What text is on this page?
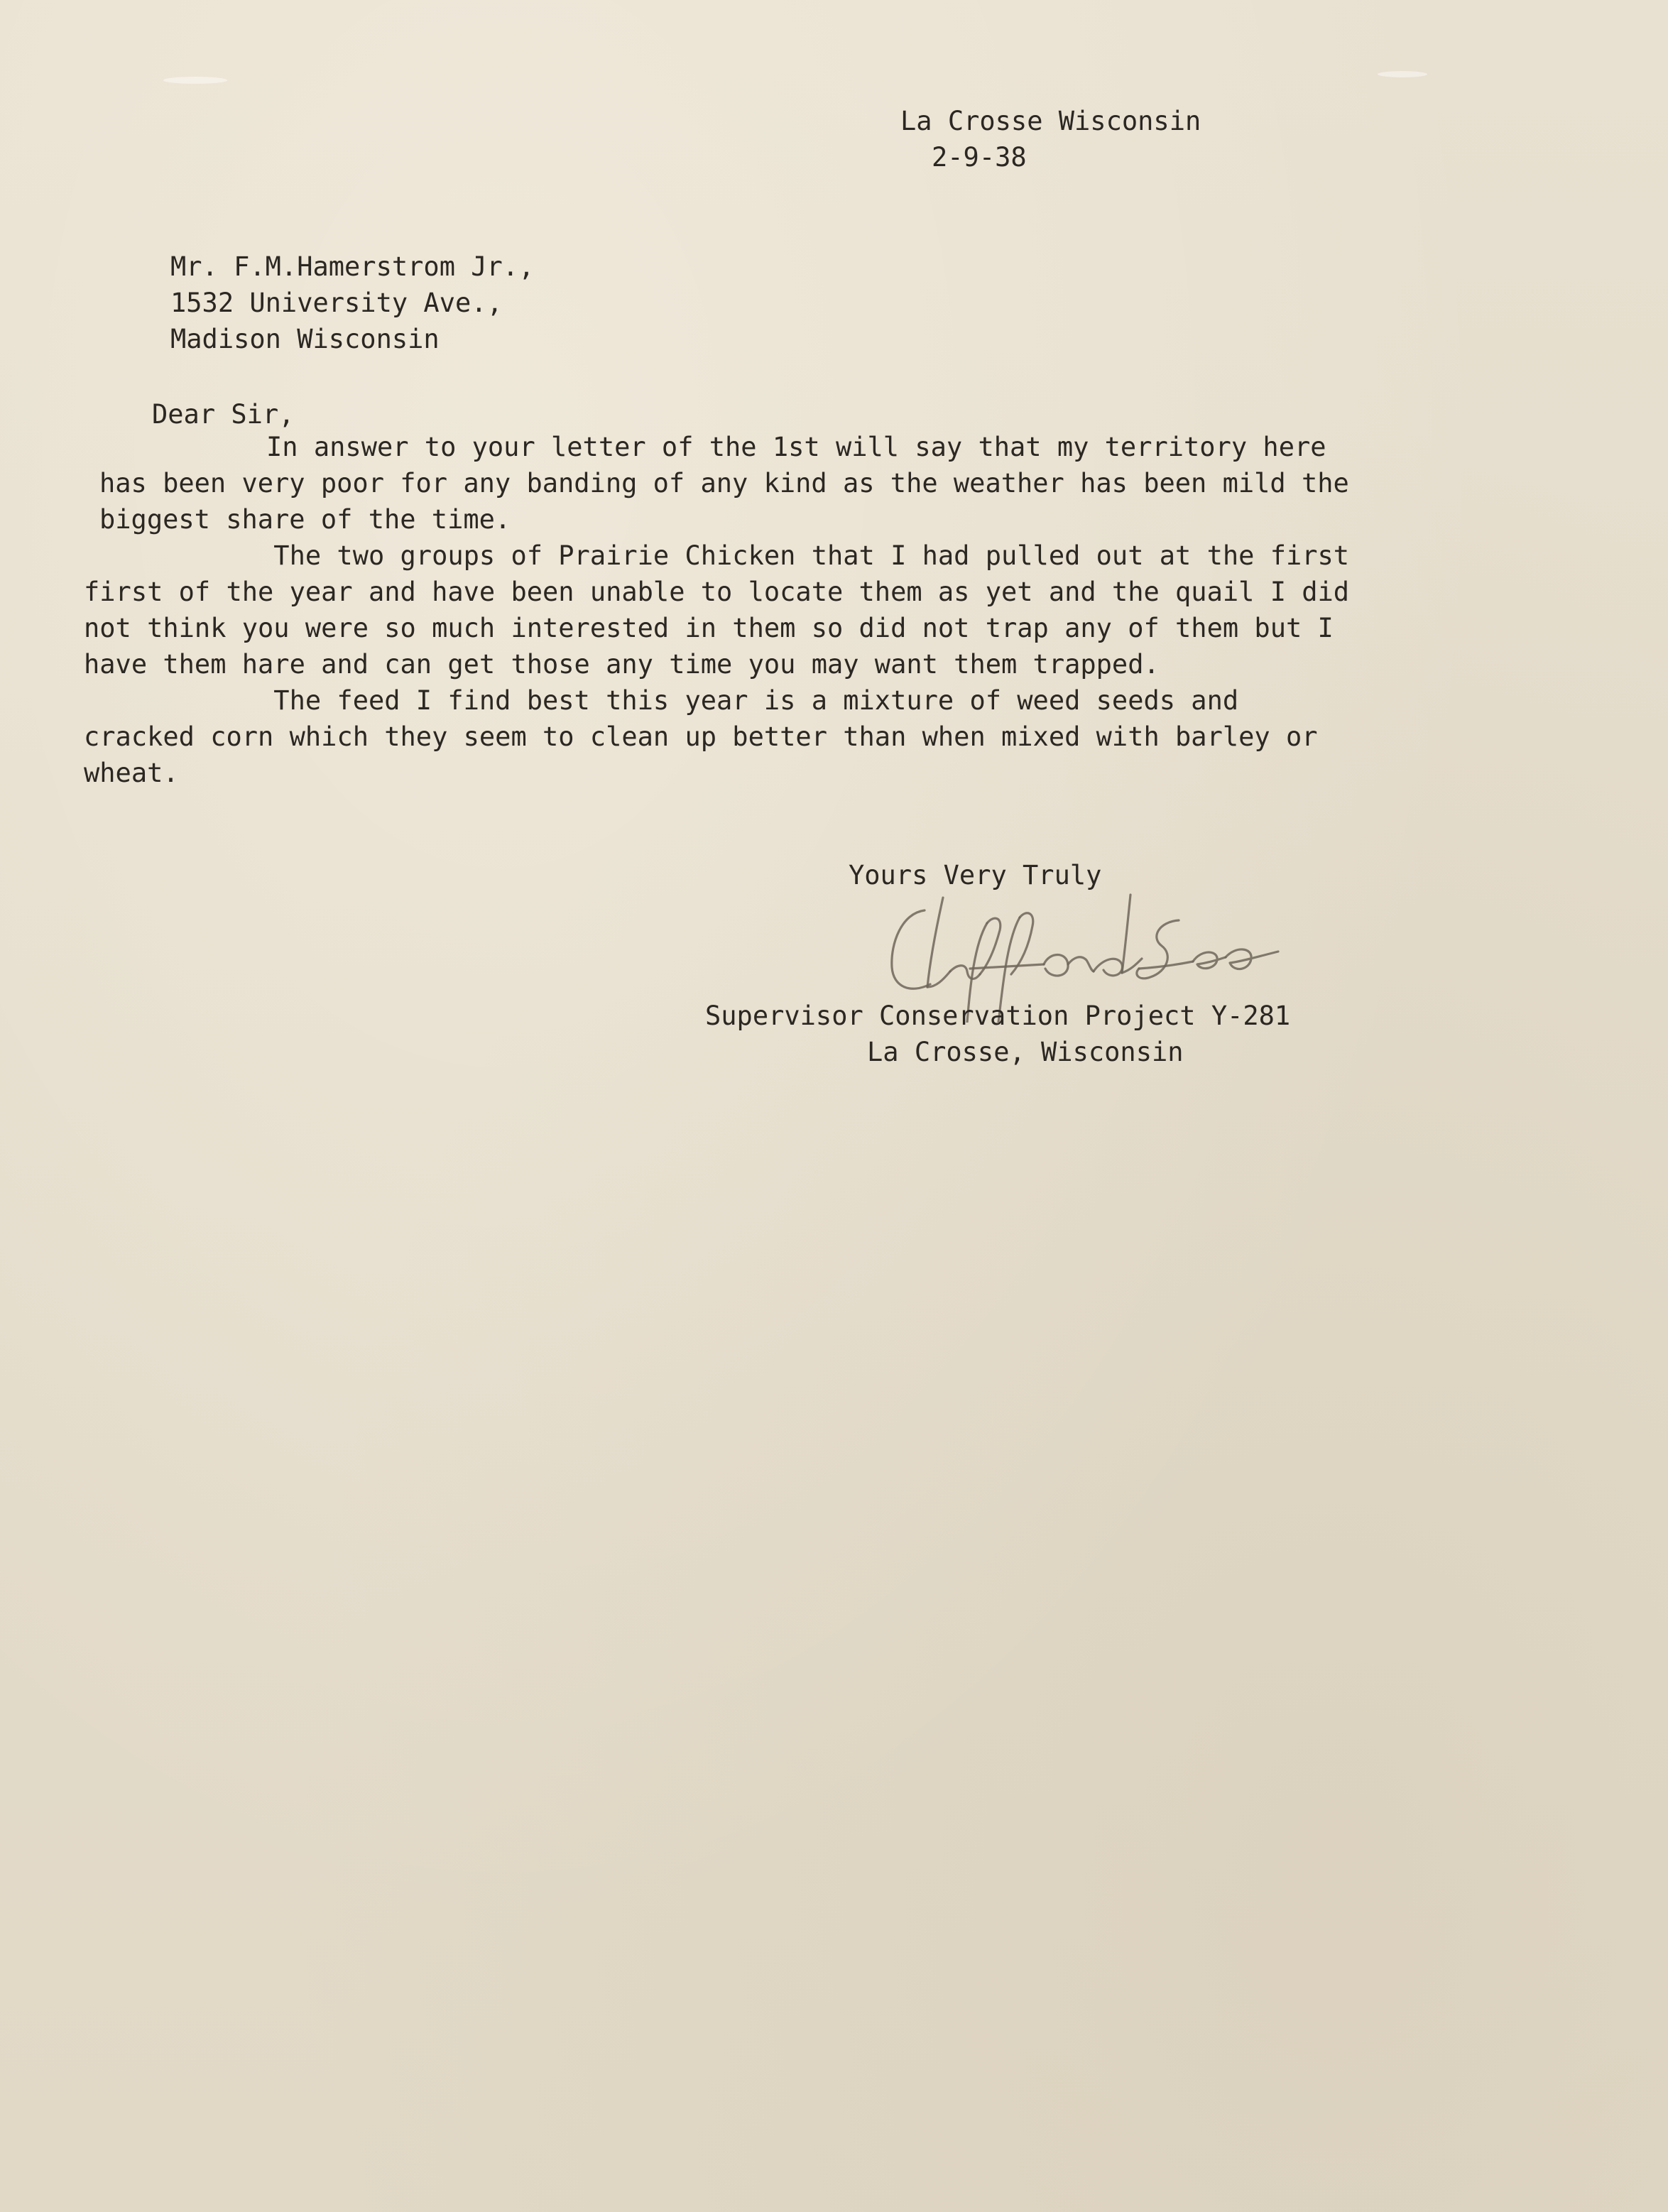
La Crosse Wisconsin
2-9-38
Mr. F.M.Hamerstrom Jr.,
1532 University Ave.,
Madison Wisconsin
Dear Sir,
In answer to your letter of the 1st will say that my territory here
has been very poor for any banding of any kind as the weather has been mild the
biggest share of the time.
The two groups of Prairie Chicken that I had pulled out at the first
first of the year and have been unable to locate them as yet and the quail I did
not think you were so much interested in them so did not trap any of them but I
have them hare and can get those any time you may want them trapped.
The feed I find best this year is a mixture of weed seeds and
cracked corn which they seem to clean up better than when mixed with barley or
wheat.
Yours Very Truly
Supervisor Conservation Project Y-281
La Crosse, Wisconsin
